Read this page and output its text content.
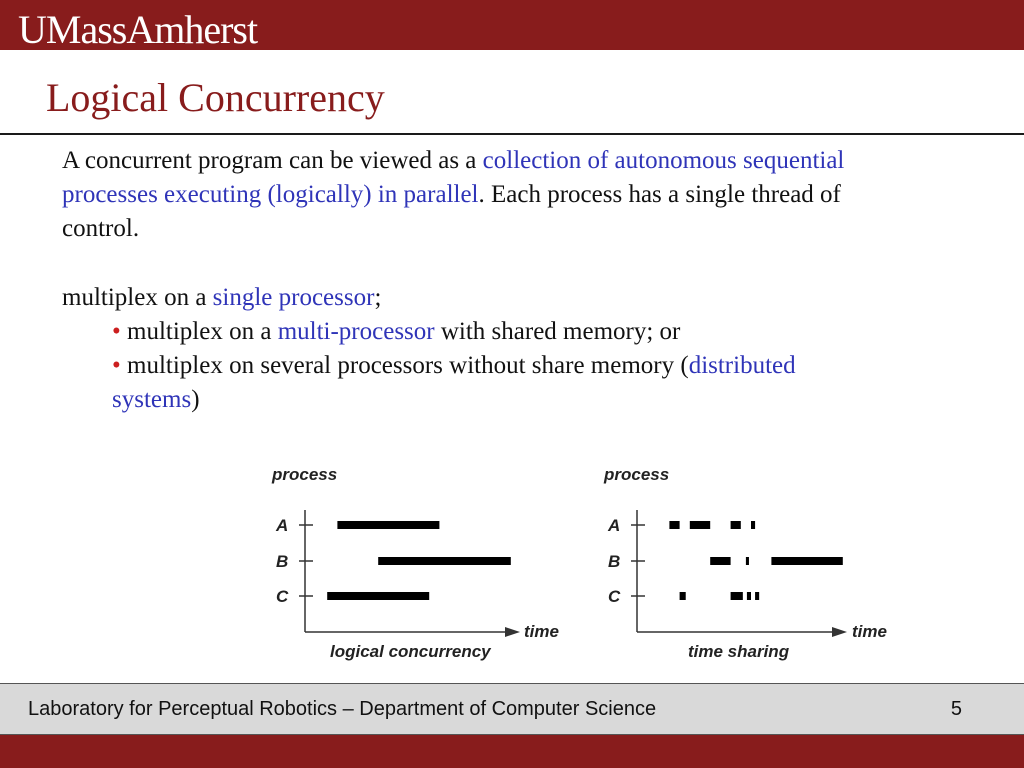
UMassAmherst
Logical Concurrency
A concurrent program can be viewed as a collection of autonomous sequential
processes executing (logically) in parallel. Each process has a single thread of
control.
multiplex on a single processor;
• multiplex on a multi-processor with shared memory; or
• multiplex on several processors without share memory (distributed
systems)
process
time
logical concurrency
A
B
C
process
time
time sharing
A
B
C
Laboratory for Perceptual Robotics – Department of Computer Science	5
